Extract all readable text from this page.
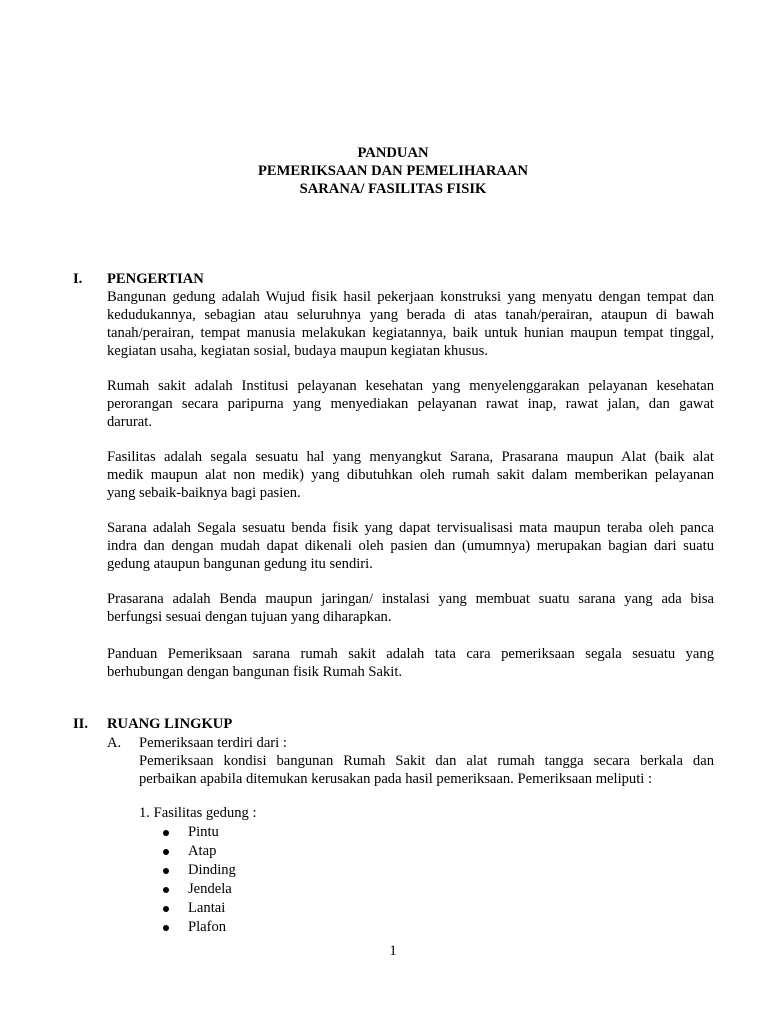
PANDUAN
PEMERIKSAAN DAN PEMELIHARAAN
SARANA/ FASILITAS FISIK
I. PENGERTIAN
Bangunan gedung adalah Wujud fisik hasil pekerjaan konstruksi yang menyatu dengan tempat dan
kedudukannya, sebagian atau seluruhnya yang berada di atas tanah/perairan, ataupun di bawah
tanah/perairan, tempat manusia melakukan kegiatannya, baik untuk hunian maupun tempat tinggal,
kegiatan usaha, kegiatan sosial, budaya maupun kegiatan khusus.
Rumah sakit adalah Institusi pelayanan kesehatan yang menyelenggarakan pelayanan kesehatan
perorangan secara paripurna yang menyediakan pelayanan rawat inap, rawat jalan, dan gawat
darurat.
Fasilitas adalah segala sesuatu hal yang menyangkut Sarana, Prasarana maupun Alat (baik alat
medik maupun alat non medik) yang dibutuhkan oleh rumah sakit dalam memberikan pelayanan
yang sebaik-baiknya bagi pasien.
Sarana adalah Segala sesuatu benda fisik yang dapat tervisualisasi mata maupun teraba oleh panca
indra dan dengan mudah dapat dikenali oleh pasien dan (umumnya) merupakan bagian dari suatu
gedung ataupun bangunan gedung itu sendiri.
Prasarana adalah Benda maupun jaringan/ instalasi yang membuat suatu sarana yang ada bisa
berfungsi sesuai dengan tujuan yang diharapkan.
Panduan Pemeriksaan sarana rumah sakit adalah tata cara pemeriksaan segala sesuatu yang
berhubungan dengan bangunan fisik Rumah Sakit.
II. RUANG LINGKUP
A. Pemeriksaan terdiri dari :
Pemeriksaan kondisi bangunan Rumah Sakit dan alat rumah tangga secara berkala dan
perbaikan apabila ditemukan kerusakan pada hasil pemeriksaan. Pemeriksaan meliputi :
1. Fasilitas gedung :
Pintu
Atap
Dinding
Jendela
Lantai
Plafon
1
